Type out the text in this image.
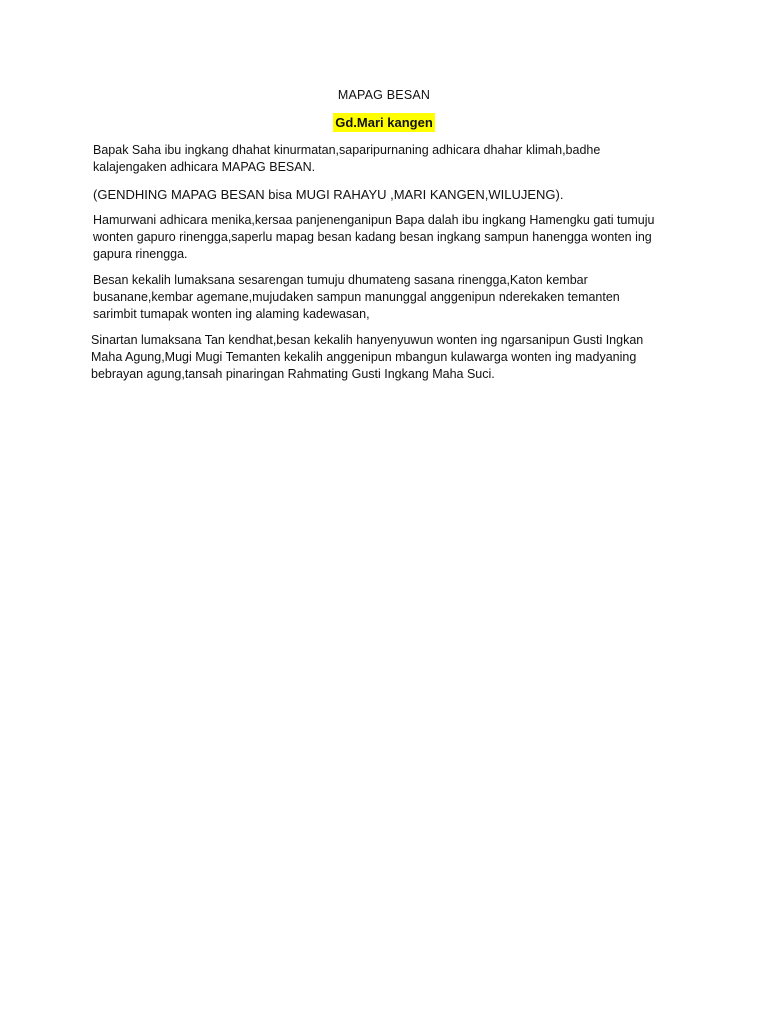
MAPAG BESAN
Gd.Mari kangen
Bapak Saha ibu ingkang dhahat kinurmatan,saparipurnaning adhicara dhahar klimah,badhe
kalajengaken adhicara MAPAG BESAN.
(GENDHING MAPAG BESAN bisa MUGI RAHAYU ,MARI KANGEN,WILUJENG).
Hamurwani adhicara menika,kersaa panjenenganipun Bapa dalah ibu ingkang Hamengku gati tumuju
wonten gapuro rinengga,saperlu mapag besan kadang besan ingkang sampun hanengga wonten ing
gapura rinengga.
Besan kekalih lumaksana sesarengan tumuju dhumateng sasana rinengga,Katon kembar
busanane,kembar agemane,mujudaken sampun manunggal anggenipun nderekaken temanten
sarimbit tumapak wonten ing alaming kadewasan,
Sinartan lumaksana Tan kendhat,besan kekalih hanyenyuwun wonten ing ngarsanipun Gusti Ingkan
Maha Agung,Mugi Mugi Temanten kekalih anggenipun mbangun kulawarga wonten ing madyaning
bebrayan agung,tansah pinaringan Rahmating Gusti Ingkang Maha Suci.
